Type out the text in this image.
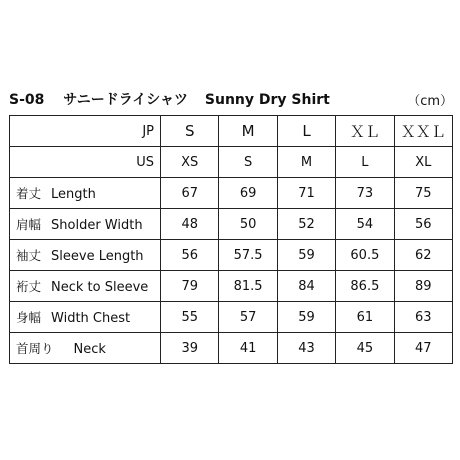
S-08 サニードライシャツ Sunny Dry Shirt	（cm）
JP	S	M	L	ＸＬ	ＸＸＬ
US	XS	S	M	L	XL
着丈 Length	67	69	71	73	75
肩幅 Sholder Width	48	50	52	54	56
袖丈 Sleeve Length	56	57.5	59	60.5	62
裄丈 Neck to Sleeve	79	81.5	84	86.5	89
身幅 Width Chest	55	57	59	61	63
首周り Neck	39	41	43	45	47
